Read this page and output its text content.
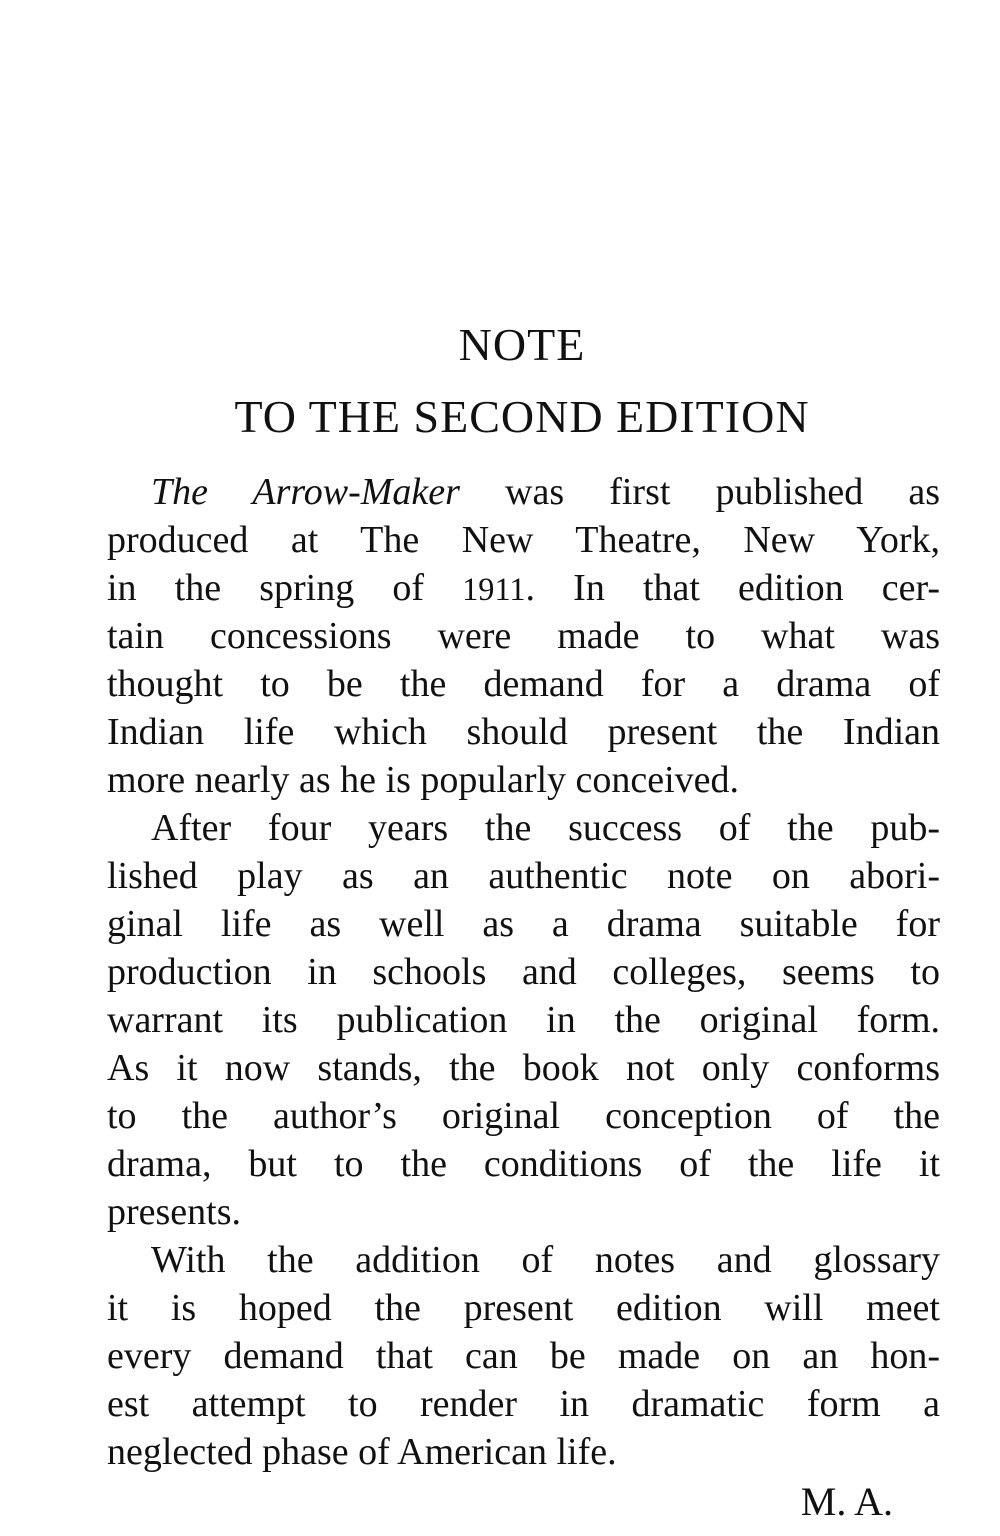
NOTE
TO THE SECOND EDITION
The Arrow-Maker was first published as
produced at The New Theatre, New York,
in the spring of 1911. In that edition cer-
tain concessions were made to what was
thought to be the demand for a drama of
Indian life which should present the Indian
more nearly as he is popularly conceived.
After four years the success of the pub-
lished play as an authentic note on abori-
ginal life as well as a drama suitable for
production in schools and colleges, seems to
warrant its publication in the original form.
As it now stands, the book not only conforms
to the author’s original conception of the
drama, but to the conditions of the life it
presents.
With the addition of notes and glossary
it is hoped the present edition will meet
every demand that can be made on an hon-
est attempt to render in dramatic form a
neglected phase of American life.
M. A.
